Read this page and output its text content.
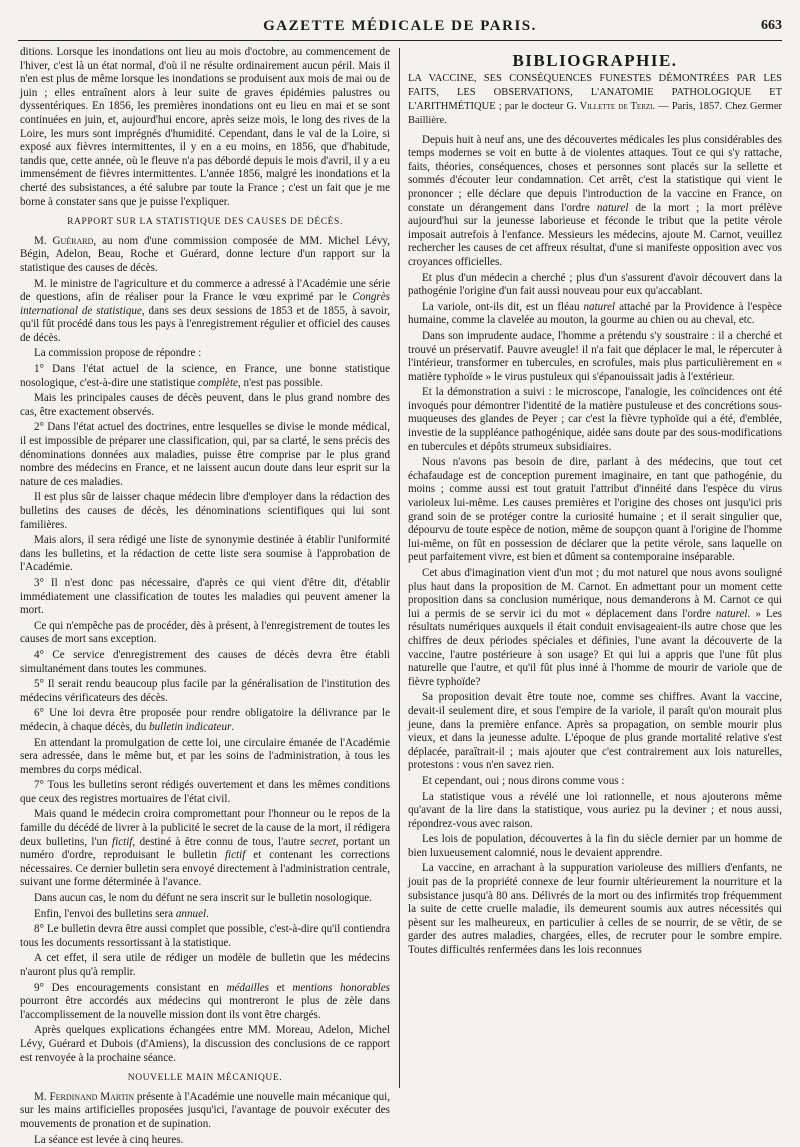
GAZETTE MÉDICALE DE PARIS.	663

ditions. Lorsque les inondations ont lieu au mois d'octobre, au commencement de l'hiver, c'est là un état normal, d'où il ne résulte ordinairement aucun péril. Mais il n'en est plus de même lorsque les inondations se produisent aux mois de mai ou de juin ; elles entraînent alors à leur suite de graves épidémies palustres ou dyssentériques. En 1856, les premières inondations ont eu lieu en mai et se sont continuées en juin, et, aujourd'hui encore, après seize mois, le long des rives de la Loire, les murs sont imprégnés d'humidité. Cependant, dans le val de la Loire, si exposé aux fièvres intermittentes, il y en a eu moins, en 1856, que d'habitude, tandis que, cette année, où le fleuve n'a pas débordé depuis le mois d'avril, il y a eu immensément de fièvres intermittentes. L'année 1856, malgré les inondations et la cherté des subsistances, a été salubre par toute la France ; c'est un fait que je me borne à constater sans que je puisse l'expliquer.

RAPPORT SUR LA STATISTIQUE DES CAUSES DE DÉCÈS.

M. Guérard, au nom d'une commission composée de MM. Michel Lévy, Bégin, Adelon, Beau, Roche et Guérard, donne lecture d'un rapport sur la statistique des causes de décès.

M. le ministre de l'agriculture et du commerce a adressé à l'Académie une série de questions, afin de réaliser pour la France le vœu exprimé par le Congrès international de statistique, dans ses deux sessions de 1853 et de 1855, à savoir, qu'il fût procédé dans tous les pays à l'enregistrement régulier et officiel des causes de décès.

La commission propose de répondre :

1° Dans l'état actuel de la science, en France, une bonne statistique nosologique, c'est-à-dire une statistique complète, n'est pas possible.

Mais les principales causes de décès peuvent, dans le plus grand nombre des cas, être exactement observés.

2° Dans l'état actuel des doctrines, entre lesquelles se divise le monde médical, il est impossible de préparer une classification, qui, par sa clarté, le sens précis des dénominations données aux maladies, puisse être comprise par le plus grand nombre des médecins en France, et ne laissent aucun doute dans leur esprit sur la nature de ces maladies.

Il est plus sûr de laisser chaque médecin libre d'employer dans la rédaction des bulletins des causes de décès, les dénominations scientifiques qui lui sont familières.

Mais alors, il sera rédigé une liste de synonymie destinée à établir l'uniformité dans les bulletins, et la rédaction de cette liste sera soumise à l'approbation de l'Académie.

3° Il n'est donc pas nécessaire, d'après ce qui vient d'être dit, d'établir immédiatement une classification de toutes les maladies qui peuvent amener la mort.

Ce qui n'empêche pas de procéder, dès à présent, à l'enregistrement de toutes les causes de mort sans exception.

4° Ce service d'enregistrement des causes de décès devra être établi simultanément dans toutes les communes.

5° Il serait rendu beaucoup plus facile par la généralisation de l'institution des médecins vérificateurs des décès.

6° Une loi devra être proposée pour rendre obligatoire la délivrance par le médecin, à chaque décès, du bulletin indicateur.

En attendant la promulgation de cette loi, une circulaire émanée de l'Académie sera adressée, dans le même but, et par les soins de l'administration, à tous les membres du corps médical.

7° Tous les bulletins seront rédigés ouvertement et dans les mêmes conditions que ceux des registres mortuaires de l'état civil.

Mais quand le médecin croira compromettant pour l'honneur ou le repos de la famille du décédé de livrer à la publicité le secret de la cause de la mort, il rédigera deux bulletins, l'un fictif, destiné à être connu de tous, l'autre secret, portant un numéro d'ordre, reproduisant le bulletin fictif et contenant les corrections nécessaires. Ce dernier bulletin sera envoyé directement à l'administration centrale, suivant une forme déterminée à l'avance.

Dans aucun cas, le nom du défunt ne sera inscrit sur le bulletin nosologique.

Enfin, l'envoi des bulletins sera annuel.

8° Le bulletin devra être aussi complet que possible, c'est-à-dire qu'il contiendra tous les documents ressortissant à la statistique.

A cet effet, il sera utile de rédiger un modèle de bulletin que les médecins n'auront plus qu'à remplir.

9° Des encouragements consistant en médailles et mentions honorables pourront être accordés aux médecins qui montreront le plus de zèle dans l'accomplissement de la nouvelle mission dont ils vont être chargés.

Après quelques explications échangées entre MM. Moreau, Adelon, Michel Lévy, Guérard et Dubois (d'Amiens), la discussion des conclusions de ce rapport est renvoyée à la prochaine séance.

NOUVELLE MAIN MÉCANIQUE.

M. Ferdinand Martin présente à l'Académie une nouvelle main mécanique qui, sur les mains artificielles proposées jusqu'ici, l'avantage de pouvoir exécuter des mouvements de pronation et de supination.

La séance est levée à cinq heures.

BIBLIOGRAPHIE.

LA VACCINE, SES CONSÉQUENCES FUNESTES DÉMONTRÉES PAR LES FAITS, LES OBSERVATIONS, L'ANATOMIE PATHOLOGIQUE ET L'ARITHMÉTIQUE ; par le docteur G. Villette de Terzi. — Paris, 1857. Chez Germer Baillière.

Depuis huit à neuf ans, une des découvertes médicales les plus considérables des temps modernes se voit en butte à de violentes attaques. Tout ce qui s'y rattache, faits, théories, conséquences, choses et personnes sont placés sur la sellette et sommés d'écouter leur condamnation. Cet arrêt, c'est la statistique qui vient le prononcer ; elle déclare que depuis l'introduction de la vaccine en France, on constate un dérangement dans l'ordre naturel de la mort ; la mort prélève aujourd'hui sur la jeunesse laborieuse et féconde le tribut que la petite vérole imposait autrefois à l'enfance. Messieurs les médecins, ajoute M. Carnot, veuillez rechercher les causes de cet affreux résultat, d'une si manifeste opposition avec vos croyances officielles.

Et plus d'un médecin a cherché ; plus d'un s'assurent d'avoir découvert dans la pathogénie l'origine d'un fait aussi nouveau pour eux qu'accablant.

La variole, ont-ils dit, est un fléau naturel attaché par la Providence à l'espèce humaine, comme la clavelée au mouton, la gourme au chien ou au cheval, etc.

Dans son imprudente audace, l'homme a prétendu s'y soustraire : il a cherché et trouvé un préservatif. Pauvre aveugle! il n'a fait que déplacer le mal, le répercuter à l'intérieur, transformer en tubercules, en scrofules, mais plus particulièrement en « matière typhoïde » le virus pustuleux qui s'épanouissait jadis à l'extérieur.

Et la démonstration a suivi : le microscope, l'analogie, les coïncidences ont été invoqués pour démontrer l'identité de la matière pustuleuse et des concrétions sous-muqueuses des glandes de Peyer ; car c'est la fièvre typhoïde qui a été, d'emblée, investie de la suppléance pathogénique, aidée sans doute par des sous-modifications en tubercules et dépôts strumeux subsidiaires.

Nous n'avons pas besoin de dire, parlant à des médecins, que tout cet échafaudage est de conception purement imaginaire, en tant que pathogénie, du moins ; comme aussi est tout gratuit l'attribut d'innéité dans l'espèce du virus varioleux lui-même. Les causes premières et l'origine des choses ont jusqu'ici pris grand soin de se protéger contre la curiosité humaine ; et il serait singulier que, dépourvu de toute espèce de notion, même de soupçon quant à l'origine de l'homme lui-même, on fût en possession de déclarer que la petite vérole, sans laquelle on peut parfaitement vivre, est bien et dûment sa contemporaine inséparable.

Cet abus d'imagination vient d'un mot ; du mot naturel que nous avons souligné plus haut dans la proposition de M. Carnot. En admettant pour un moment cette proposition dans sa conclusion numérique, nous demanderons à M. Carnot ce qui lui a permis de se servir ici du mot « déplacement dans l'ordre naturel. » Les résultats numériques auxquels il était conduit envisageaient-ils autre chose que les chiffres de deux périodes spéciales et définies, l'une avant la découverte de la vaccine, l'autre postérieure à son usage? Et qui lui a appris que l'une fût plus naturelle que l'autre, et qu'il fût plus inné à l'homme de mourir de variole que de fièvre typhoïde?

Sa proposition devait être toute noe, comme ses chiffres. Avant la vaccine, devait-il seulement dire, et sous l'empire de la variole, il paraît qu'on mourait plus jeune, dans la première enfance. Après sa propagation, on semble mourir plus vieux, et dans la jeunesse adulte. L'époque de plus grande mortalité relative s'est déplacée, paraîtrait-il ; mais ajouter que c'est contrairement aux lois naturelles, protestons : vous n'en savez rien.

Et cependant, oui ; nous dirons comme vous :

La statistique vous a révélé une loi rationnelle, et nous ajouterons même qu'avant de la lire dans la statistique, vous auriez pu la deviner ; et nous aussi, répondrez-vous avec raison.

Les lois de population, découvertes à la fin du siècle dernier par un homme de bien luxueusement calomnié, nous le devaient apprendre.

La vaccine, en arrachant à la suppuration varioleuse des milliers d'enfants, ne jouit pas de la propriété connexe de leur fournir ultérieurement la nourriture et la subsistance jusqu'à 80 ans. Délivrés de la mort ou des infirmités trop fréquemment la suite de cette cruelle maladie, ils demeurent soumis aux autres nécessités qui pèsent sur les malheureux, en particulier à celles de se nourrir, de se vêtir, de se garder des autres maladies, chargées, elles, de recruter pour le sombre empire. Toutes difficultés renfermées dans les lois reconnues
